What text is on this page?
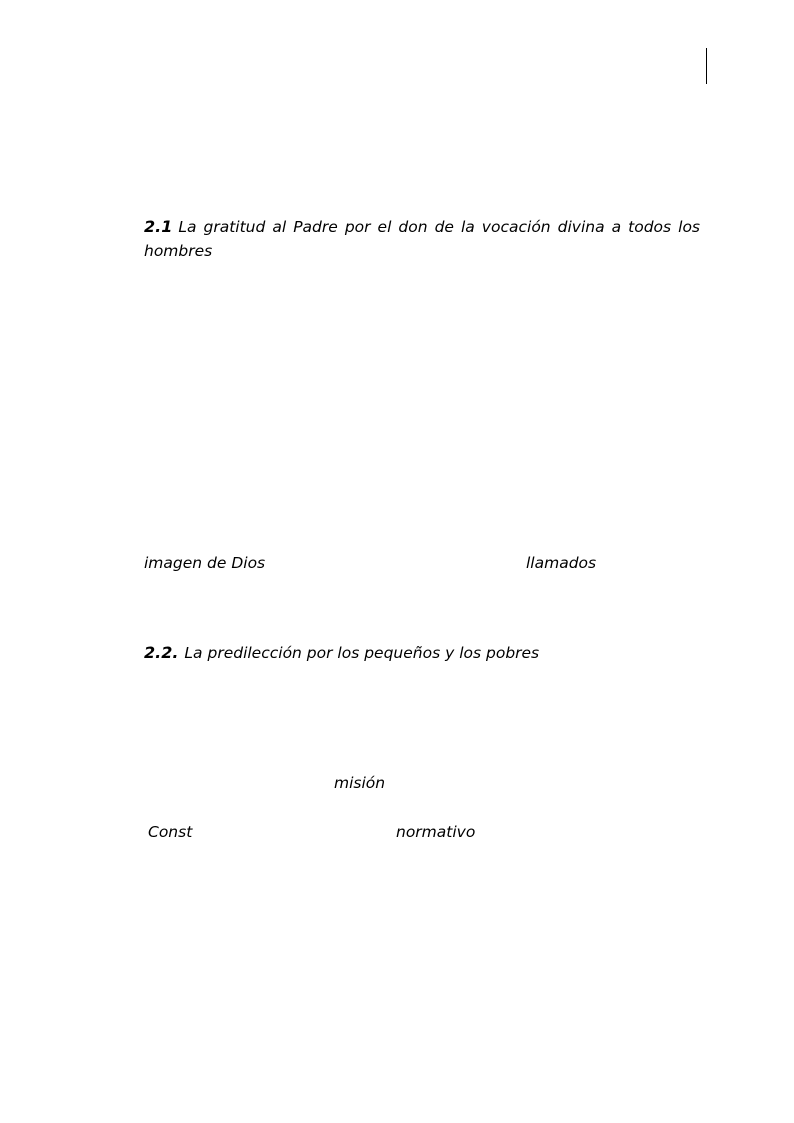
2.1 La gratitud al Padre por el don de la vocación divina a todos los
hombres
imagen de Dios	llamados
2.2. La predilección por los pequeños y los pobres
misión
Const	normativo
